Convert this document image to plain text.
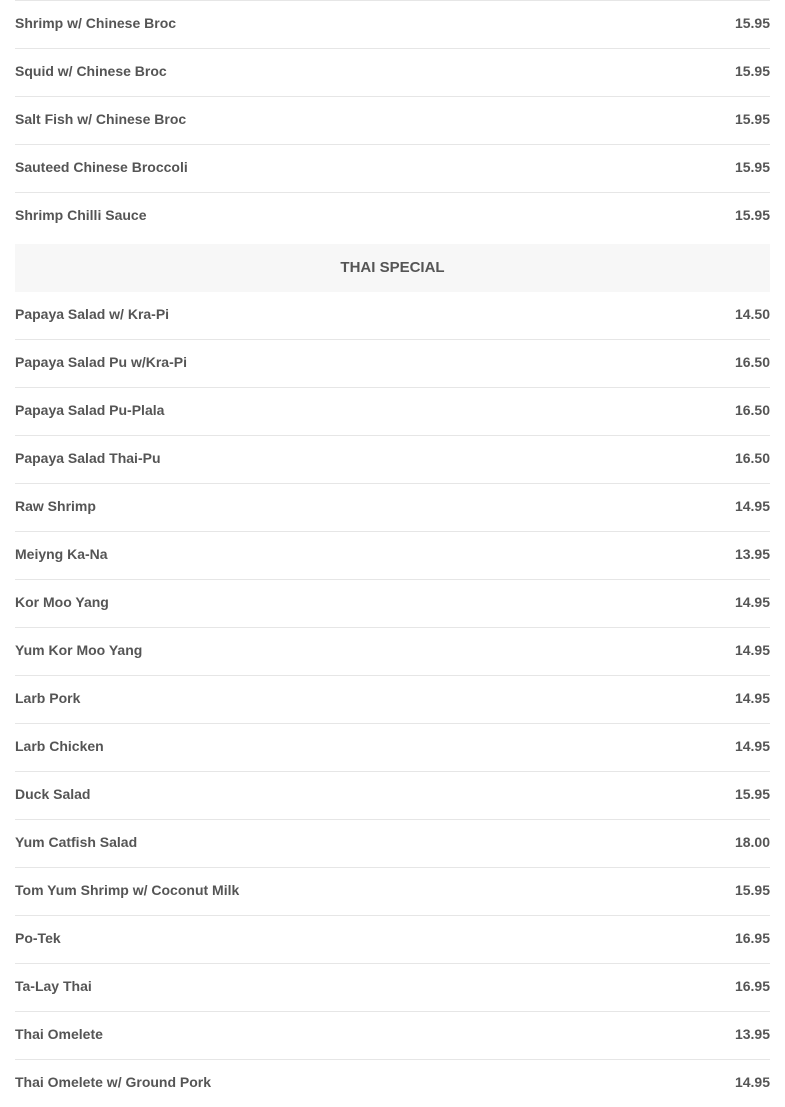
Shrimp w/ Chinese Broc	15.95
Squid w/ Chinese Broc	15.95
Salt Fish w/ Chinese Broc	15.95
Sauteed Chinese Broccoli	15.95
Shrimp Chilli Sauce	15.95
THAI SPECIAL
Papaya Salad w/ Kra-Pi	14.50
Papaya Salad Pu w/Kra-Pi	16.50
Papaya Salad Pu-Plala	16.50
Papaya Salad Thai-Pu	16.50
Raw Shrimp	14.95
Meiyng Ka-Na	13.95
Kor Moo Yang	14.95
Yum Kor Moo Yang	14.95
Larb Pork	14.95
Larb Chicken	14.95
Duck Salad	15.95
Yum Catfish Salad	18.00
Tom Yum Shrimp w/ Coconut Milk	15.95
Po-Tek	16.95
Ta-Lay Thai	16.95
Thai Omelete	13.95
Thai Omelete w/ Ground Pork	14.95
